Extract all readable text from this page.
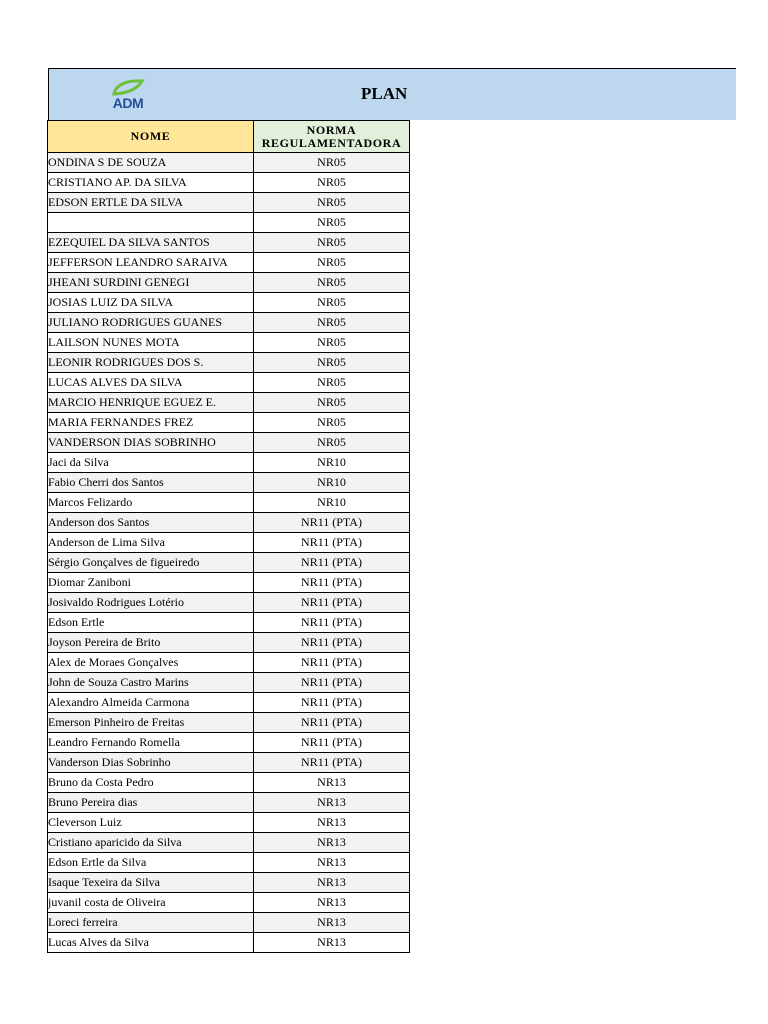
ADM	PLAN
NOME	NORMA
REGULAMENTADORA
ONDINA S DE SOUZA	NR05
CRISTIANO AP. DA SILVA	NR05
EDSON ERTLE DA SILVA	NR05
	NR05
EZEQUIEL DA SILVA SANTOS	NR05
JEFFERSON LEANDRO SARAIVA	NR05
JHEANI SURDINI GENEGI	NR05
JOSIAS LUIZ DA SILVA	NR05
JULIANO RODRIGUES GUANES	NR05
LAILSON NUNES MOTA	NR05
LEONIR RODRIGUES DOS S.	NR05
LUCAS ALVES DA SILVA	NR05
MARCIO HENRIQUE EGUEZ E.	NR05
MARIA FERNANDES FREZ	NR05
VANDERSON DIAS SOBRINHO	NR05
Jaci da Silva	NR10
Fabio Cherri dos Santos	NR10
Marcos Felizardo	NR10
Anderson dos Santos	NR11 (PTA)
Anderson de Lima Silva	NR11 (PTA)
Sérgio Gonçalves de figueiredo	NR11 (PTA)
Diomar Zaniboni	NR11 (PTA)
Josivaldo Rodrigues Lotério	NR11 (PTA)
Edson Ertle	NR11 (PTA)
Joyson Pereira de Brito	NR11 (PTA)
Alex de Moraes Gonçalves	NR11 (PTA)
John de Souza Castro Marins	NR11 (PTA)
Alexandro Almeida Carmona	NR11 (PTA)
Emerson Pinheiro de Freitas	NR11 (PTA)
Leandro Fernando Romella	NR11 (PTA)
Vanderson Dias Sobrinho	NR11 (PTA)
Bruno da Costa Pedro	NR13
Bruno Pereira dias	NR13
Cleverson Luiz	NR13
Cristiano aparicido da Silva	NR13
Edson Ertle da Silva	NR13
Isaque Texeira da Silva	NR13
juvanil costa de Oliveira	NR13
Loreci ferreira	NR13
Lucas Alves da Silva	NR13
